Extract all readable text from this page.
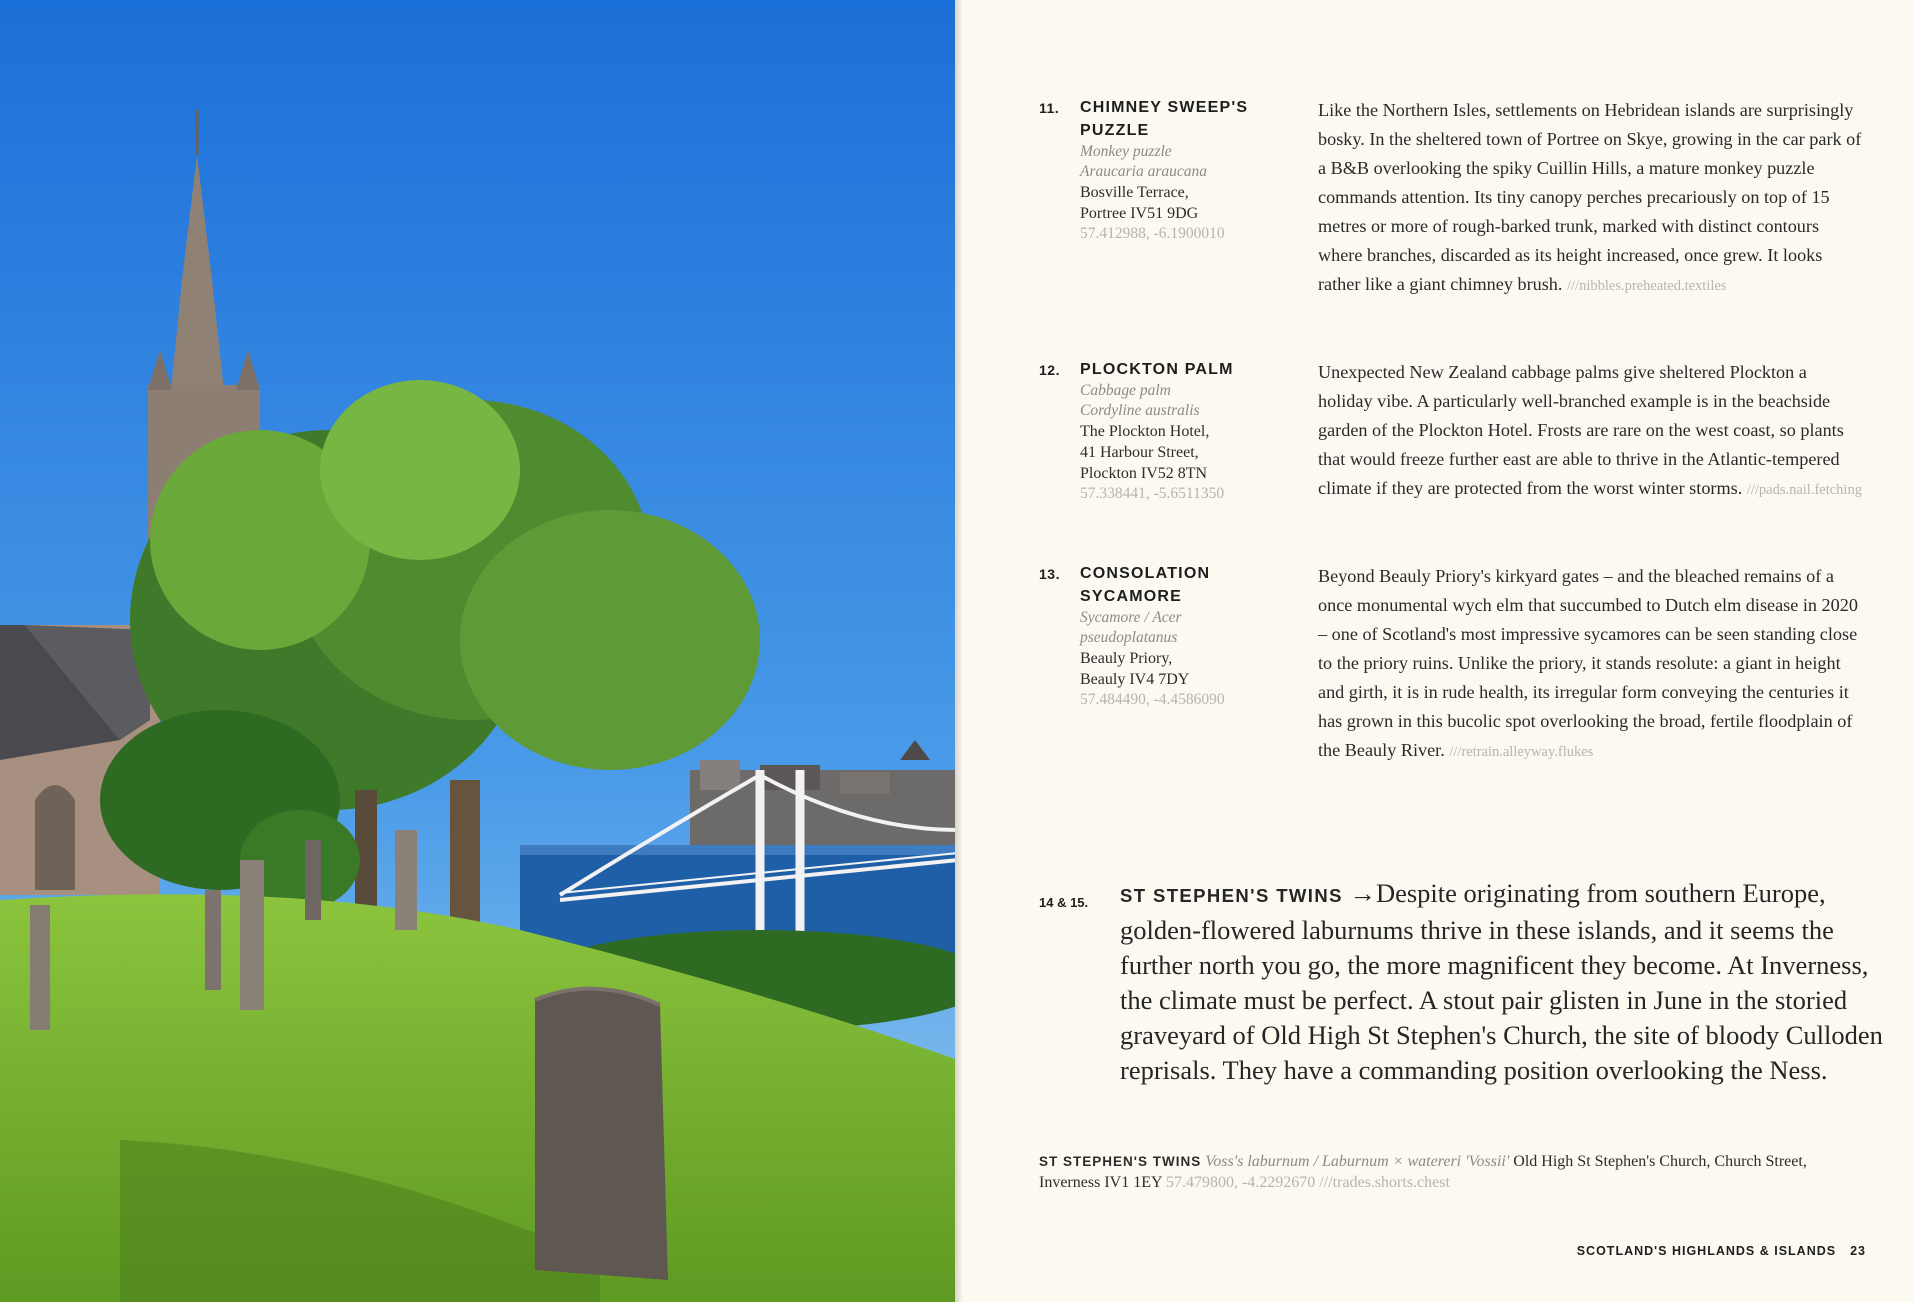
11. CHIMNEY SWEEP'S PUZZLE
Monkey puzzle
Araucaria araucana
Bosville Terrace,
Portree IV51 9DG
57.412988, -6.1900010
Like the Northern Isles, settlements on Hebridean islands are surprisingly bosky. In the sheltered town of Portree on Skye, growing in the car park of a B&B overlooking the spiky Cuillin Hills, a mature monkey puzzle commands attention. Its tiny canopy perches precariously on top of 15 metres or more of rough-barked trunk, marked with distinct contours where branches, discarded as its height increased, once grew. It looks rather like a giant chimney brush. ///nibbles.preheated.textiles
12. PLOCKTON PALM
Cabbage palm
Cordyline australis
The Plockton Hotel,
41 Harbour Street,
Plockton IV52 8TN
57.338441, -5.6511350
Unexpected New Zealand cabbage palms give sheltered Plockton a holiday vibe. A particularly well-branched example is in the beachside garden of the Plockton Hotel. Frosts are rare on the west coast, so plants that would freeze further east are able to thrive in the Atlantic-tempered climate if they are protected from the worst winter storms. ///pads.nail.fetching
13. CONSOLATION SYCAMORE
Sycamore / Acer
pseudoplatanus
Beauly Priory,
Beauly IV4 7DY
57.484490, -4.4586090
Beyond Beauly Priory's kirkyard gates – and the bleached remains of a once monumental wych elm that succumbed to Dutch elm disease in 2020 – one of Scotland's most impressive sycamores can be seen standing close to the priory ruins. Unlike the priory, it stands resolute: a giant in height and girth, it is in rude health, its irregular form conveying the centuries it has grown in this bucolic spot overlooking the broad, fertile floodplain of the Beauly River. ///retrain.alleyway.flukes
14 & 15. ST STEPHEN'S TWINS →Despite originating from southern Europe, golden-flowered laburnums thrive in these islands, and it seems the further north you go, the more magnificent they become. At Inverness, the climate must be perfect. A stout pair glisten in June in the storied graveyard of Old High St Stephen's Church, the site of bloody Culloden reprisals. They have a commanding position overlooking the Ness.
ST STEPHEN'S TWINS Voss's laburnum / Laburnum × watereri 'Vossii' Old High St Stephen's Church, Church Street, Inverness IV1 1EY 57.479800, -4.2292670 ///trades.shorts.chest
SCOTLAND'S HIGHLANDS & ISLANDS 23
